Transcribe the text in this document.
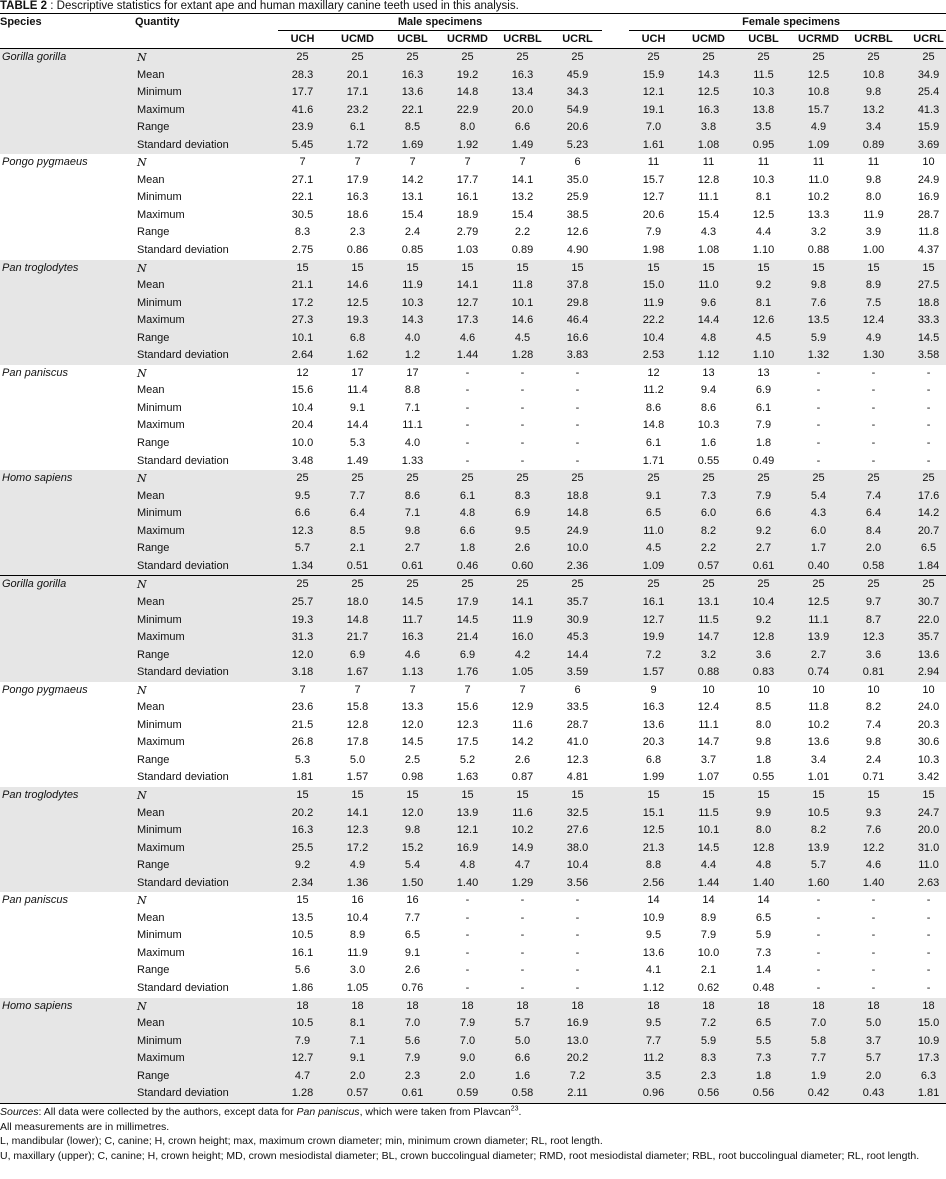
TABLE 2 : Descriptive statistics for extant ape and human maxillary canine teeth used in this analysis.
Species	Quantity	Male specimens							Female specimens					

		UCH	UCMD	UCBL	UCRMD	UCRBL	UCRL		UCH	UCMD	UCBL	UCRMD	UCRBL	UCRL
Gorilla gorilla	N	25	25	25	25	25	25		25	25	25	25	25	25
	Mean	28.3	20.1	16.3	19.2	16.3	45.9		15.9	14.3	11.5	12.5	10.8	34.9
	Minimum	17.7	17.1	13.6	14.8	13.4	34.3		12.1	12.5	10.3	10.8	9.8	25.4
	Maximum	41.6	23.2	22.1	22.9	20.0	54.9		19.1	16.3	13.8	15.7	13.2	41.3
	Range	23.9	6.1	8.5	8.0	6.6	20.6		7.0	3.8	3.5	4.9	3.4	15.9
	Standard deviation	5.45	1.72	1.69	1.92	1.49	5.23		1.61	1.08	0.95	1.09	0.89	3.69
Pongo pygmaeus	N	7	7	7	7	7	6		11	11	11	11	11	10
	Mean	27.1	17.9	14.2	17.7	14.1	35.0		15.7	12.8	10.3	11.0	9.8	24.9
	Minimum	22.1	16.3	13.1	16.1	13.2	25.9		12.7	11.1	8.1	10.2	8.0	16.9
	Maximum	30.5	18.6	15.4	18.9	15.4	38.5		20.6	15.4	12.5	13.3	11.9	28.7
	Range	8.3	2.3	2.4	2.79	2.2	12.6		7.9	4.3	4.4	3.2	3.9	11.8
	Standard deviation	2.75	0.86	0.85	1.03	0.89	4.90		1.98	1.08	1.10	0.88	1.00	4.37
Pan troglodytes	N	15	15	15	15	15	15		15	15	15	15	15	15
	Mean	21.1	14.6	11.9	14.1	11.8	37.8		15.0	11.0	9.2	9.8	8.9	27.5
	Minimum	17.2	12.5	10.3	12.7	10.1	29.8		11.9	9.6	8.1	7.6	7.5	18.8
	Maximum	27.3	19.3	14.3	17.3	14.6	46.4		22.2	14.4	12.6	13.5	12.4	33.3
	Range	10.1	6.8	4.0	4.6	4.5	16.6		10.4	4.8	4.5	5.9	4.9	14.5
	Standard deviation	2.64	1.62	1.2	1.44	1.28	3.83		2.53	1.12	1.10	1.32	1.30	3.58
Pan paniscus	N	12	17	17	-	-	-		12	13	13	-	-	-
	Mean	15.6	11.4	8.8	-	-	-		11.2	9.4	6.9	-	-	-
	Minimum	10.4	9.1	7.1	-	-	-		8.6	8.6	6.1	-	-	-
	Maximum	20.4	14.4	11.1	-	-	-		14.8	10.3	7.9	-	-	-
	Range	10.0	5.3	4.0	-	-	-		6.1	1.6	1.8	-	-	-
	Standard deviation	3.48	1.49	1.33	-	-	-		1.71	0.55	0.49	-	-	-
Homo sapiens	N	25	25	25	25	25	25		25	25	25	25	25	25
	Mean	9.5	7.7	8.6	6.1	8.3	18.8		9.1	7.3	7.9	5.4	7.4	17.6
	Minimum	6.6	6.4	7.1	4.8	6.9	14.8		6.5	6.0	6.6	4.3	6.4	14.2
	Maximum	12.3	8.5	9.8	6.6	9.5	24.9		11.0	8.2	9.2	6.0	8.4	20.7
	Range	5.7	2.1	2.7	1.8	2.6	10.0		4.5	2.2	2.7	1.7	2.0	6.5
	Standard deviation	1.34	0.51	0.61	0.46	0.60	2.36		1.09	0.57	0.61	0.40	0.58	1.84
Gorilla gorilla	N	25	25	25	25	25	25		25	25	25	25	25	25
	Mean	25.7	18.0	14.5	17.9	14.1	35.7		16.1	13.1	10.4	12.5	9.7	30.7
	Minimum	19.3	14.8	11.7	14.5	11.9	30.9		12.7	11.5	9.2	11.1	8.7	22.0
	Maximum	31.3	21.7	16.3	21.4	16.0	45.3		19.9	14.7	12.8	13.9	12.3	35.7
	Range	12.0	6.9	4.6	6.9	4.2	14.4		7.2	3.2	3.6	2.7	3.6	13.6
	Standard deviation	3.18	1.67	1.13	1.76	1.05	3.59		1.57	0.88	0.83	0.74	0.81	2.94
Pongo pygmaeus	N	7	7	7	7	7	6		9	10	10	10	10	10
	Mean	23.6	15.8	13.3	15.6	12.9	33.5		16.3	12.4	8.5	11.8	8.2	24.0
	Minimum	21.5	12.8	12.0	12.3	11.6	28.7		13.6	11.1	8.0	10.2	7.4	20.3
	Maximum	26.8	17.8	14.5	17.5	14.2	41.0		20.3	14.7	9.8	13.6	9.8	30.6
	Range	5.3	5.0	2.5	5.2	2.6	12.3		6.8	3.7	1.8	3.4	2.4	10.3
	Standard deviation	1.81	1.57	0.98	1.63	0.87	4.81		1.99	1.07	0.55	1.01	0.71	3.42
Pan troglodytes	N	15	15	15	15	15	15		15	15	15	15	15	15
	Mean	20.2	14.1	12.0	13.9	11.6	32.5		15.1	11.5	9.9	10.5	9.3	24.7
	Minimum	16.3	12.3	9.8	12.1	10.2	27.6		12.5	10.1	8.0	8.2	7.6	20.0
	Maximum	25.5	17.2	15.2	16.9	14.9	38.0		21.3	14.5	12.8	13.9	12.2	31.0
	Range	9.2	4.9	5.4	4.8	4.7	10.4		8.8	4.4	4.8	5.7	4.6	11.0
	Standard deviation	2.34	1.36	1.50	1.40	1.29	3.56		2.56	1.44	1.40	1.60	1.40	2.63
Pan paniscus	N	15	16	16	-	-	-		14	14	14	-	-	-
	Mean	13.5	10.4	7.7	-	-	-		10.9	8.9	6.5	-	-	-
	Minimum	10.5	8.9	6.5	-	-	-		9.5	7.9	5.9	-	-	-
	Maximum	16.1	11.9	9.1	-	-	-		13.6	10.0	7.3	-	-	-
	Range	5.6	3.0	2.6	-	-	-		4.1	2.1	1.4	-	-	-
	Standard deviation	1.86	1.05	0.76	-	-	-		1.12	0.62	0.48	-	-	-
Homo sapiens	N	18	18	18	18	18	18		18	18	18	18	18	18
	Mean	10.5	8.1	7.0	7.9	5.7	16.9		9.5	7.2	6.5	7.0	5.0	15.0
	Minimum	7.9	7.1	5.6	7.0	5.0	13.0		7.7	5.9	5.5	5.8	3.7	10.9
	Maximum	12.7	9.1	7.9	9.0	6.6	20.2		11.2	8.3	7.3	7.7	5.7	17.3
	Range	4.7	2.0	2.3	2.0	1.6	7.2		3.5	2.3	1.8	1.9	2.0	6.3
	Standard deviation	1.28	0.57	0.61	0.59	0.58	2.11		0.96	0.56	0.56	0.42	0.43	1.81

Sources: All data were collected by the authors, except data for Pan paniscus, which were taken from Plavcan$^{23}$.

All measurements are in millimetres.

L, mandibular (lower); C, canine; H, crown height; max, maximum crown diameter; min, minimum crown diameter; RL, root length.

U, maxillary (upper); C, canine; H, crown height; MD, crown mesiodistal diameter; BL, crown buccolingual diameter; RMD, root mesiodistal diameter; RBL, root buccolingual diameter; RL, root length.
